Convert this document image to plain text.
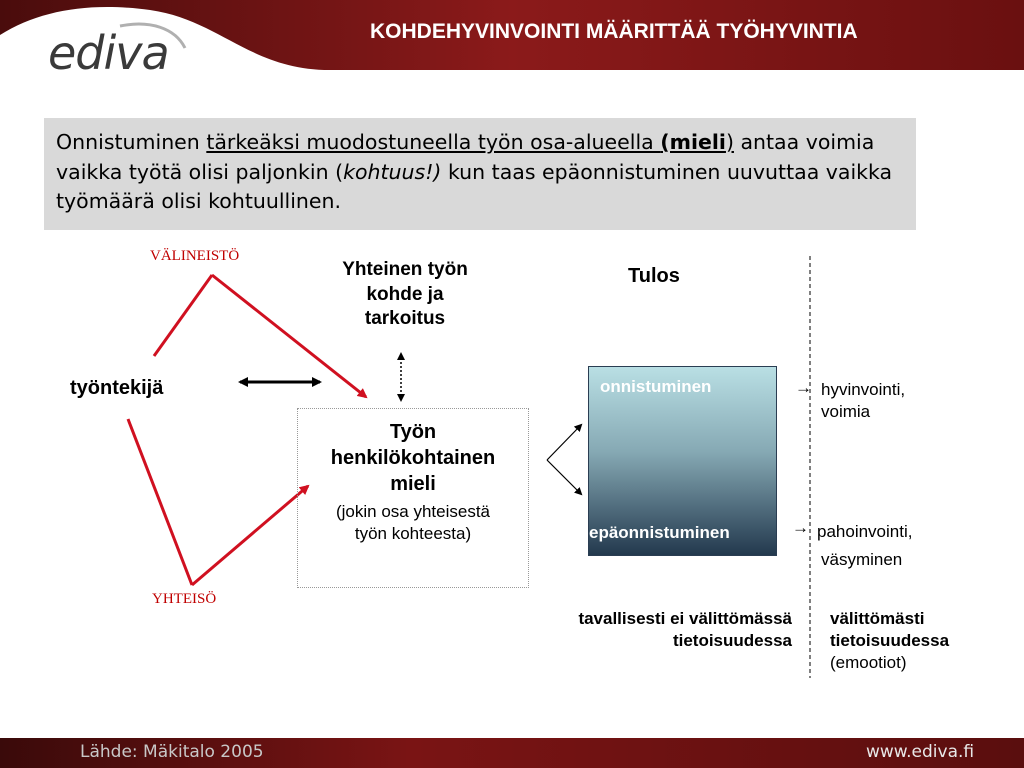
ediva	KOHDEHYVINVOINTI MÄÄRITTÄÄ TYÖHYVINTIA
Onnistuminen tärkeäksi muodostuneella työn osa-alueella (mieli) antaa voimia vaikka työtä olisi paljonkin (kohtuus!) kun taas epäonnistuminen uuvuttaa vaikka työmäärä olisi kohtuullinen.
VÄLINEISTÖ
YHTEISÖ
työntekijä
Yhteinen työn
kohde ja
tarkoitus
Työn
henkilökohtainen
mieli
(jokin osa yhteisestä
työn kohteesta)
Tulos
onnistuminen
epäonnistuminen
→ hyvinvointi,
voimia
→ pahoinvointi,
väsyminen
tavallisesti ei välittömässä
tietoisuudessa
välittömästi
tietoisuudessa
(emootiot)
Lähde: Mäkitalo 2005	www.ediva.fi
